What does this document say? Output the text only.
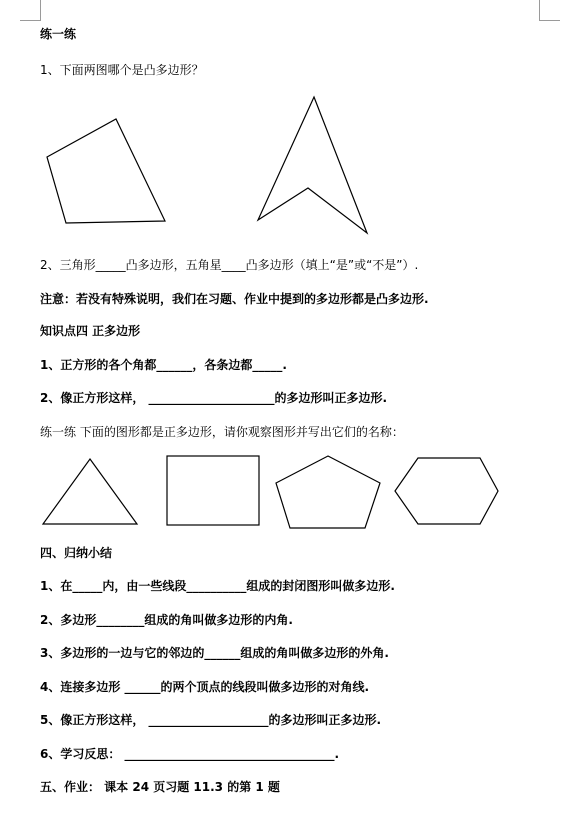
练一练
1、下面两图哪个是凸多边形？
2、三角形_____凸多边形，五角星____凸多边形（填上“是”或“不是”）.
注意：若没有特殊说明，我们在习题、作业中提到的多边形都是凸多边形.
知识点四 正多边形
1、正方形的各个角都______，各条边都_____.
2、像正方形这样， _____________________的多边形叫正多边形.
练一练 下面的图形都是正多边形，请你观察图形并写出它们的名称：
四、归纳小结
1、在_____内，由一些线段__________组成的封闭图形叫做多边形.
2、多边形________组成的角叫做多边形的内角.
3、多边形的一边与它的邻边的______组成的角叫做多边形的外角.
4、连接多边形 ______的两个顶点的线段叫做多边形的对角线.
5、像正方形这样， ____________________的多边形叫正多边形.
6、学习反思： ___________________________________.
五、作业： 课本 24 页习题 11.3 的第 1 题
